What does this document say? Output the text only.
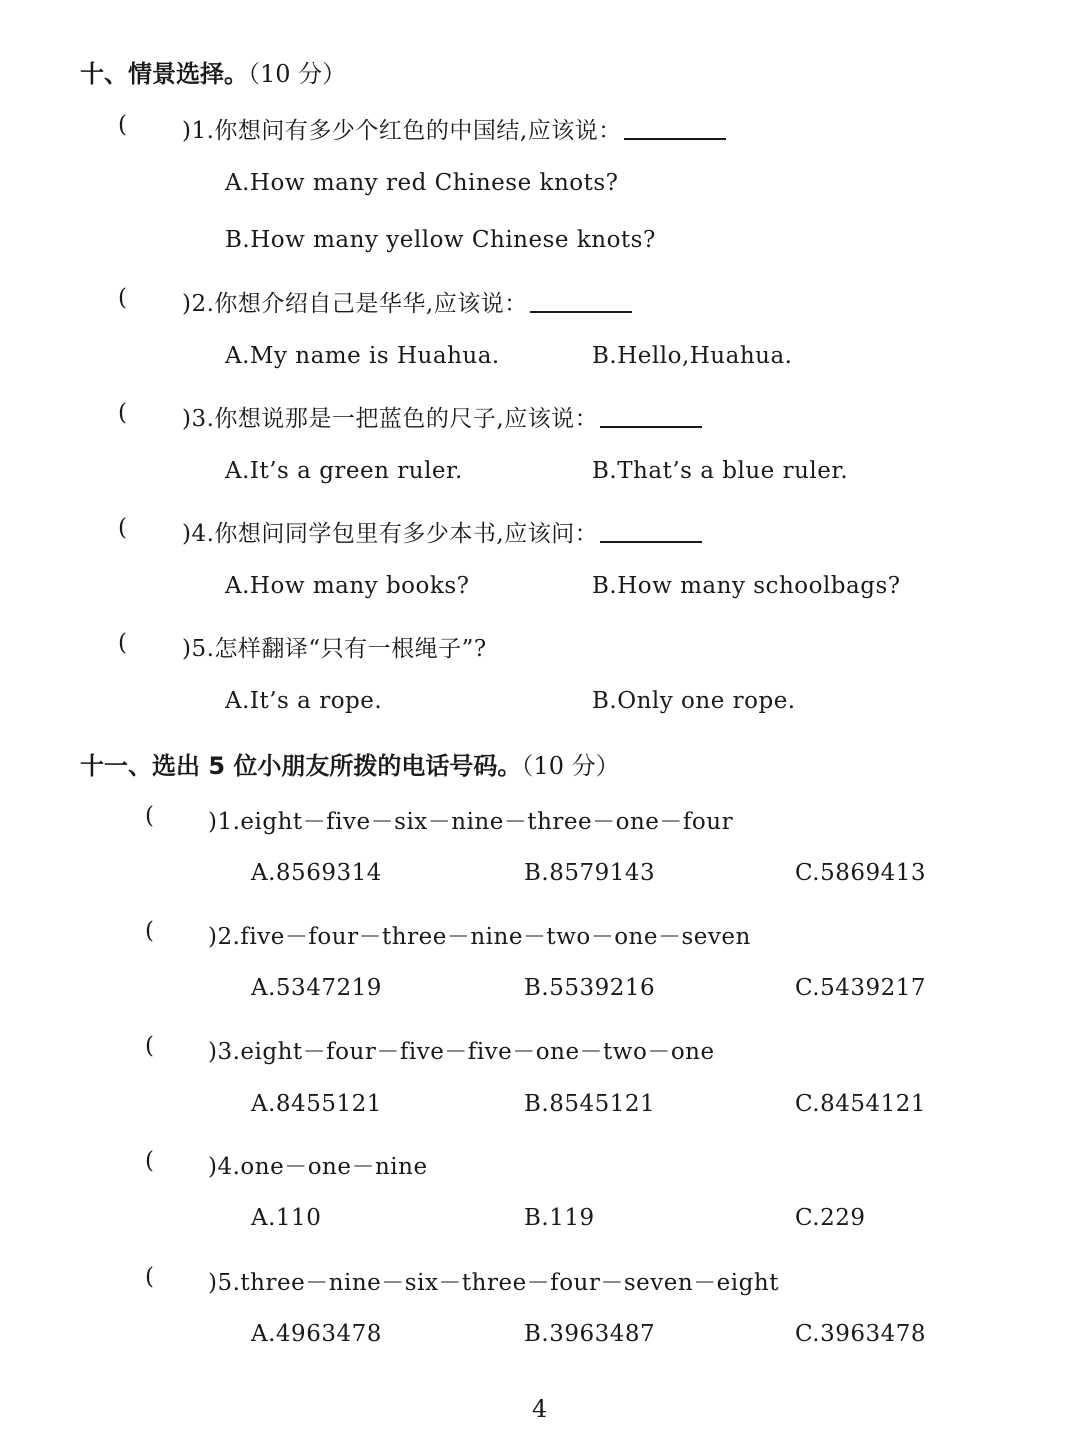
十、情景选择。（10 分）
( )1.你想问有多少个红色的中国结,应该说：
A.How many red Chinese knots?
B.How many yellow Chinese knots?
( )2.你想介绍自己是华华,应该说：
A.My name is Huahua.	B.Hello,Huahua.
( )3.你想说那是一把蓝色的尺子,应该说：
A.It’s a green ruler.	B.That’s a blue ruler.
( )4.你想问同学包里有多少本书,应该问：
A.How many books?	B.How many schoolbags?
( )5.怎样翻译“只有一根绳子”?
A.It’s a rope.	B.Only one rope.
十一、选出 5 位小朋友所拨的电话号码。（10 分）
( )1.eight－five－six－nine－three－one－four
A.8569314	B.8579143	C.5869413
( )2.five－four－three－nine－two－one－seven
A.5347219	B.5539216	C.5439217
( )3.eight－four－five－five－one－two－one
A.8455121	B.8545121	C.8454121
( )4.one－one－nine
A.110	B.119	C.229
( )5.three－nine－six－three－four－seven－eight
A.4963478	B.3963487	C.3963478
4
